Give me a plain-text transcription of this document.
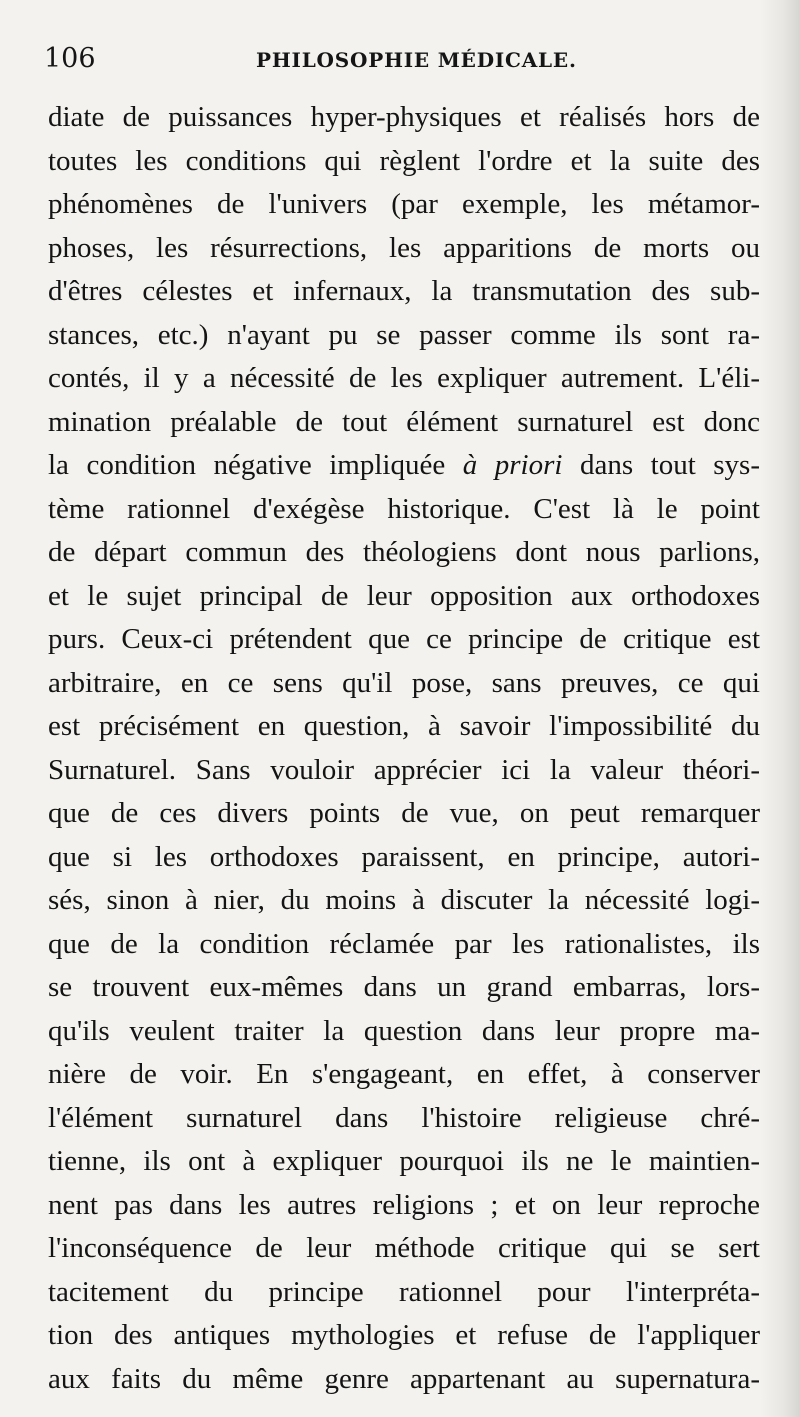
106	PHILOSOPHIE MÉDICALE.
diate de puissances hyper-physiques et réalisés hors de
toutes les conditions qui règlent l'ordre et la suite des
phénomènes de l'univers (par exemple, les métamor-
phoses, les résurrections, les apparitions de morts ou
d'êtres célestes et infernaux, la transmutation des sub-
stances, etc.) n'ayant pu se passer comme ils sont ra-
contés, il y a nécessité de les expliquer autrement. L'éli-
mination préalable de tout élément surnaturel est donc
la condition négative impliquée à priori dans tout sys-
tème rationnel d'exégèse historique. C'est là le point
de départ commun des théologiens dont nous parlions,
et le sujet principal de leur opposition aux orthodoxes
purs. Ceux-ci prétendent que ce principe de critique est
arbitraire, en ce sens qu'il pose, sans preuves, ce qui
est précisément en question, à savoir l'impossibilité du
Surnaturel. Sans vouloir apprécier ici la valeur théori-
que de ces divers points de vue, on peut remarquer
que si les orthodoxes paraissent, en principe, autori-
sés, sinon à nier, du moins à discuter la nécessité logi-
que de la condition réclamée par les rationalistes, ils
se trouvent eux-mêmes dans un grand embarras, lors-
qu'ils veulent traiter la question dans leur propre ma-
nière de voir. En s'engageant, en effet, à conserver
l'élément surnaturel dans l'histoire religieuse chré-
tienne, ils ont à expliquer pourquoi ils ne le maintien-
nent pas dans les autres religions ; et on leur reproche
l'inconséquence de leur méthode critique qui se sert
tacitement du principe rationnel pour l'interpréta-
tion des antiques mythologies et refuse de l'appliquer
aux faits du même genre appartenant au supernatura-
